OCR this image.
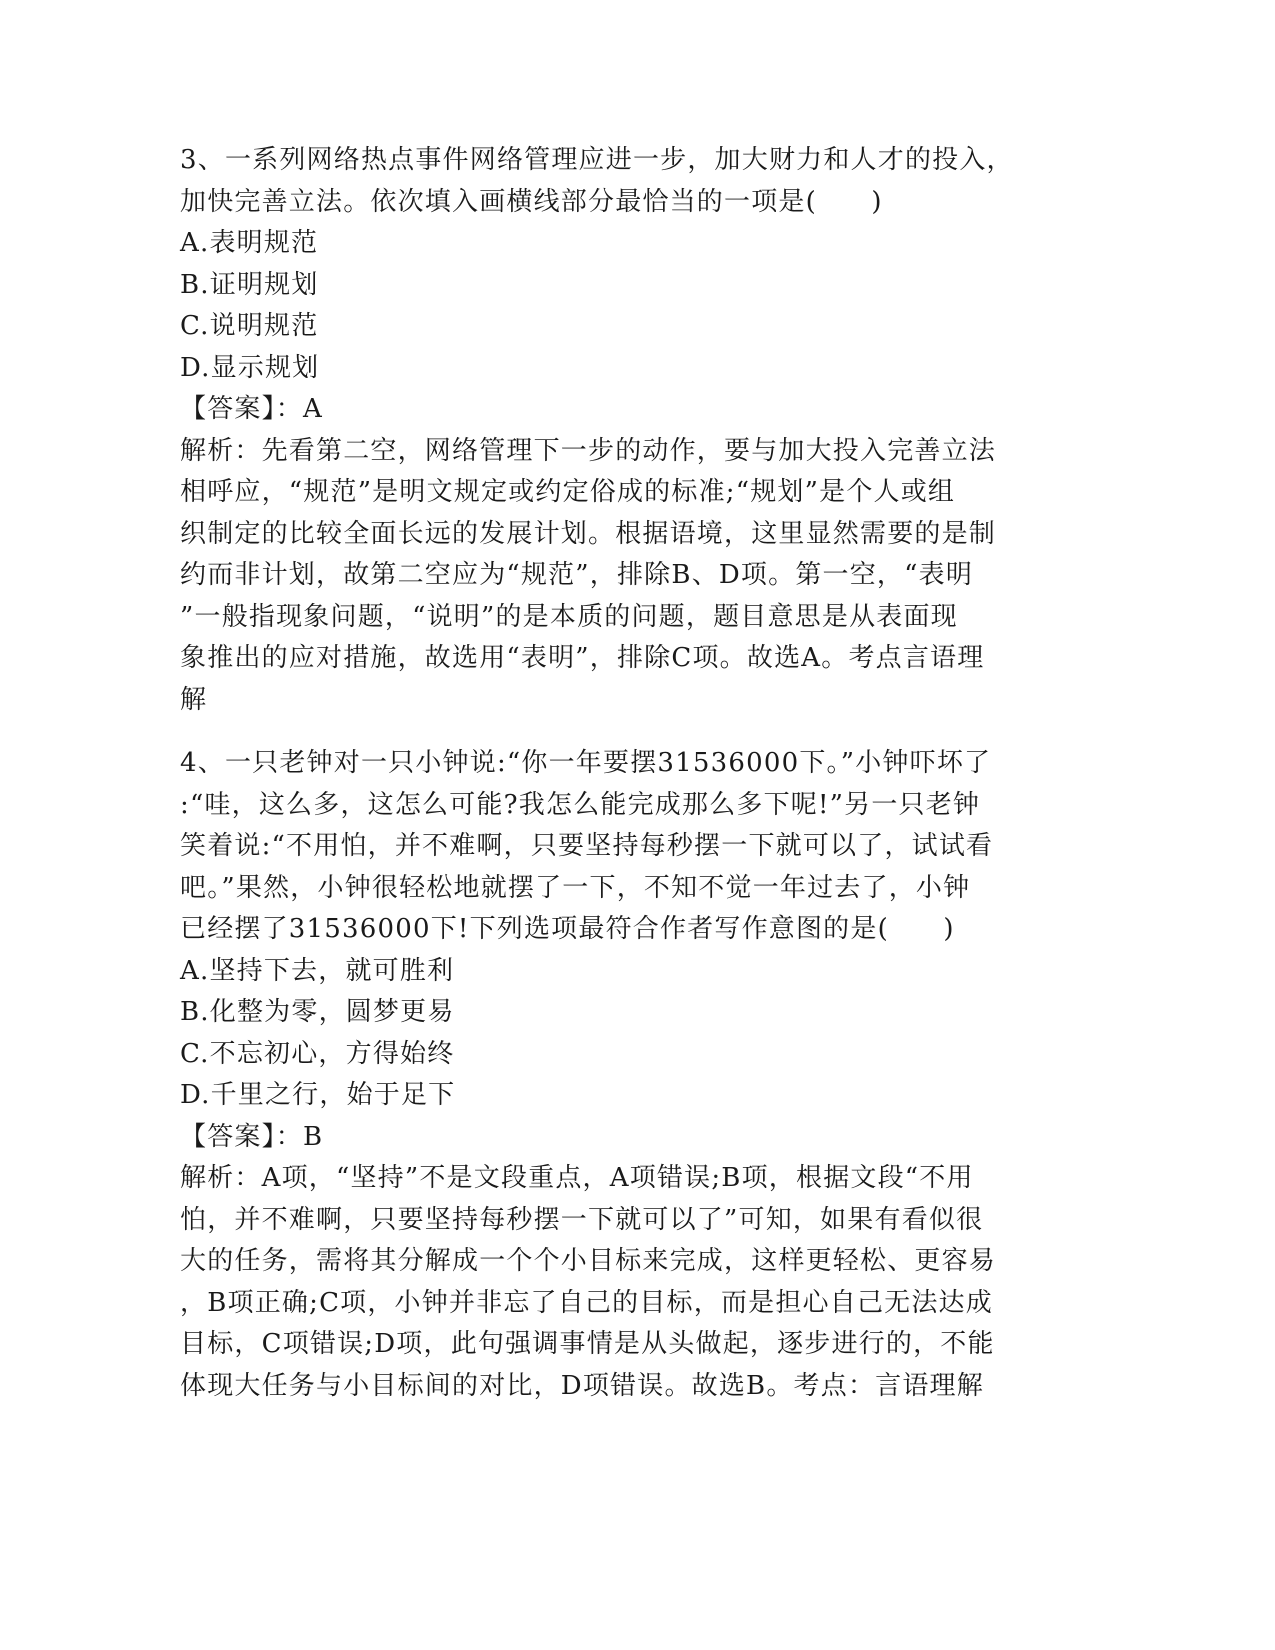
3、一系列网络热点事件网络管理应进一步，加大财力和人才的投入，
加快完善立法。依次填入画横线部分最恰当的一项是(　　)
A.表明规范
B.证明规划
C.说明规范
D.显示规划
【答案】：A
解析：先看第二空，网络管理下一步的动作，要与加大投入完善立法
相呼应，“规范”是明文规定或约定俗成的标准;“规划”是个人或组
织制定的比较全面长远的发展计划。根据语境，这里显然需要的是制
约而非计划，故第二空应为“规范”，排除B、D项。第一空，“表明
”一般指现象问题，“说明”的是本质的问题，题目意思是从表面现
象推出的应对措施，故选用“表明”，排除C项。故选A。考点言语理
解
4、一只老钟对一只小钟说:“你一年要摆31536000下。”小钟吓坏了
:“哇，这么多，这怎么可能?我怎么能完成那么多下呢!”另一只老钟
笑着说:“不用怕，并不难啊，只要坚持每秒摆一下就可以了，试试看
吧。”果然，小钟很轻松地就摆了一下，不知不觉一年过去了，小钟
已经摆了31536000下!下列选项最符合作者写作意图的是(　　)
A.坚持下去，就可胜利
B.化整为零，圆梦更易
C.不忘初心，方得始终
D.千里之行，始于足下
【答案】：B
解析：A项，“坚持”不是文段重点，A项错误;B项，根据文段“不用
怕，并不难啊，只要坚持每秒摆一下就可以了”可知，如果有看似很
大的任务，需将其分解成一个个小目标来完成，这样更轻松、更容易
，B项正确;C项，小钟并非忘了自己的目标，而是担心自己无法达成
目标，C项错误;D项，此句强调事情是从头做起，逐步进行的，不能
体现大任务与小目标间的对比，D项错误。故选B。考点：言语理解
